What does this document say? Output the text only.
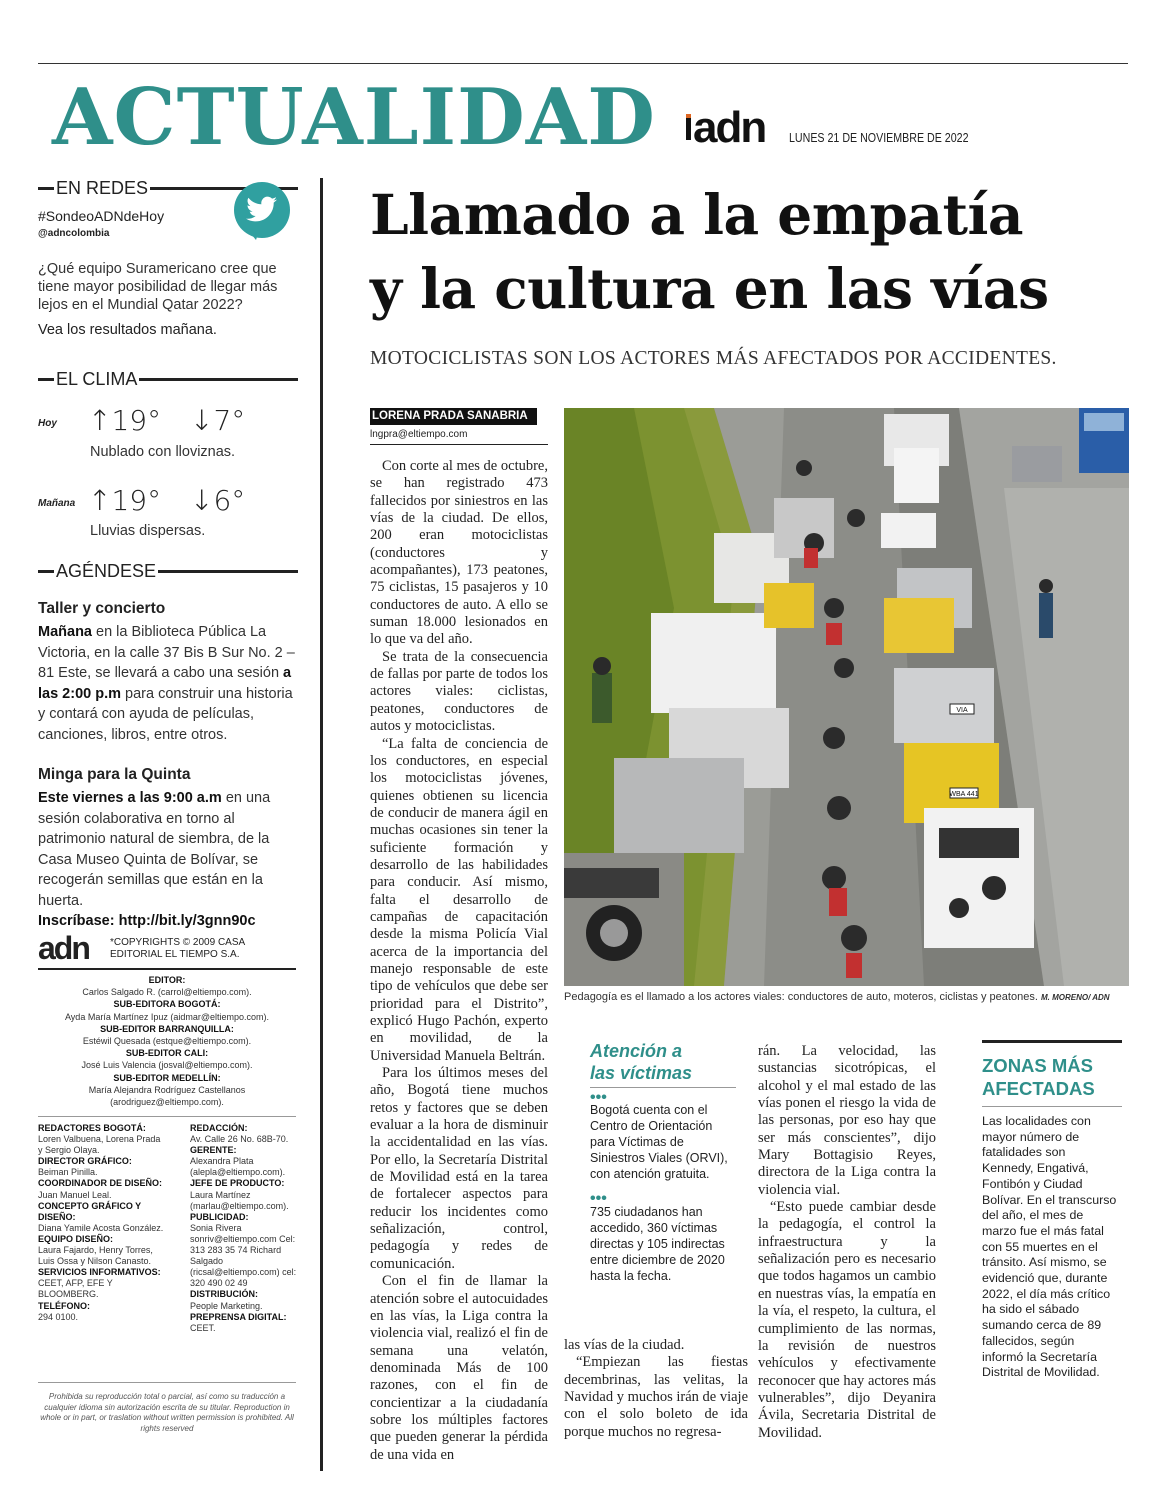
ACTUALIDAD adn LUNES 21 DE NOVIEMBRE DE 2022
EN REDES
#SondeoADNdeHoy
@adncolombia
¿Qué equipo Suramericano cree que tiene mayor posibilidad de llegar más lejos en el Mundial Qatar 2022?
Vea los resultados mañana.
EL CLIMA
Hoy ↑19° ↓7°
Nublado con lloviznas.
Mañana ↑19° ↓6°
Lluvias dispersas.
AGÉNDESE
Taller y concierto
Mañana en la Biblioteca Pública La Victoria, en la calle 37 Bis B Sur No. 2 – 81 Este, se llevará a cabo una sesión a las 2:00 p.m para construir una historia y contará con ayuda de películas, canciones, libros, entre otros.
Minga para la Quinta
Este viernes a las 9:00 a.m en una sesión colaborativa en torno al patrimonio natural de siembra, de la Casa Museo Quinta de Bolívar, se recogerán semillas que están en la huerta.
Inscríbase: http://bit.ly/3gnn90c
adn *COPYRIGHTS © 2009 CASA EDITORIAL EL TIEMPO S.A.
EDITOR:
Carlos Salgado R. (carrol@eltiempo.com).
SUB-EDITORA BOGOTÁ:
Ayda María Martínez Ipuz (aidmar@eltiempo.com).
SUB-EDITOR BARRANQUILLA:
Estéwil Quesada (estque@eltiempo.com).
SUB-EDITOR CALI:
José Luis Valencia (josval@eltiempo.com).
SUB-EDITOR MEDELLÍN:
María Alejandra Rodríguez Castellanos
(arodriguez@eltiempo.com).
REDACTORES BOGOTÁ:
Loren Valbuena, Lorena Prada y Sergio Olaya.
DIRECTOR GRÁFICO:
Beiman Pinilla.
COORDINADOR DE DISEÑO:
Juan Manuel Leal.
CONCEPTO GRÁFICO Y DISEÑO:
Diana Yamile Acosta González.
EQUIPO DISEÑO:
Laura Fajardo, Henry Torres, Luis Ossa y Nilson Canasto.
SERVICIOS INFORMATIVOS:
CEET, AFP, EFE Y BLOOMBERG.
TELÉFONO:
294 0100.
REDACCIÓN:
Av. Calle 26 No. 68B-70.
GERENTE:
Alexandra Plata (aleplа@eltiempo.com).
JEFE DE PRODUCTO:
Laura Martínez (marlau@eltiempo.com).
PUBLICIDAD:
Sonia Rivera sonriv@eltiempo.com Cel: 313 283 35 74 Richard Salgado (ricsal@eltiempo.com) cel: 320 490 02 49
DISTRIBUCIÓN:
People Marketing.
PREPRENSA DIGITAL:
CEET.
Prohibida su reproducción total o parcial, así como su traducción a cualquier idioma sin autorización escrita de su titular. Reproduction in whole or in part, or traslation without written permission is prohibited. All rights reserved
Llamado a la empatía
y la cultura en las vías
MOTOCICLISTAS SON LOS ACTORES MÁS AFECTADOS POR ACCIDENTES.
LORENA PRADA SANABRIA
lngpra@eltiempo.com

Con corte al mes de octubre, se han registrado 473 fallecidos por siniestros en las vías de la ciudad. De ellos, 200 eran motociclistas (conductores y acompañantes), 173 peatones, 75 ciclistas, 15 pasajeros y 10 conductores de auto. A ello se suman 18.000 lesionados en lo que va del año.

Se trata de la consecuencia de fallas por parte de todos los actores viales: ciclistas, peatones, conductores de autos y motociclistas.

“La falta de conciencia de los conductores, en especial los motociclistas jóvenes, quienes obtienen su licencia de conducir de manera ágil en muchas ocasiones sin tener la suficiente formación y desarrollo de las habilidades para conducir. Así mismo, falta el desarrollo de campañas de capacitación desde la misma Policía Vial acerca de la importancia del manejo responsable de este tipo de vehículos que debe ser prioridad para el Distrito”, explicó Hugo Pachón, experto en movilidad, de la Universidad Manuela Beltrán.

Para los últimos meses del año, Bogotá tiene muchos retos y factores que se deben evaluar a la hora de disminuir la accidentalidad en las vías. Por ello, la Secretaría Distrital de Movilidad está en la tarea de fortalecer aspectos para reducir los incidentes como señalización, control, pedagogía y redes de comunicación.

Con el fin de llamar la atención sobre el autocuidades en las vías, la Liga contra la violencia vial, realizó el fin de semana una velatón, denominada Más de 100 razones, con el fin de concientizar a la ciudadanía sobre los múltiples factores que pueden generar la pérdida de una vida en

VIA
WBA 441
Pedagogía es el llamado a los actores viales: conductores de auto, moteros, ciclistas y peatones. M. MORENO/ ADN
Atención a
las víctimas
•••
Bogotá cuenta con el Centro de Orientación para Víctimas de Siniestros Viales (ORVI), con atención gratuita.
•••
735 ciudadanos han accedido, 360 víctimas directas y 105 indirectas entre diciembre de 2020 hasta la fecha.
las vías de la ciudad.

“Empiezan las fiestas decembrinas, las velitas, la Navidad y muchos irán de viaje con el solo boleto de ida porque muchos no regresa-

rán. La velocidad, las sustancias sicotrópicas, el alcohol y el mal estado de las vías ponen el riesgo la vida de las personas, por eso hay que ser más conscientes”, dijo Mary Bottagisio Reyes, directora de la Liga contra la violencia vial.

“Esto puede cambiar desde la pedagogía, el control la infraestructura y la señalización pero es necesario que todos hagamos un cambio en nuestras vías, la empatía en la vía, el respeto, la cultura, el cumplimiento de las normas, la revisión de nuestros vehículos y efectivamente reconocer que hay actores más vulnerables”, dijo Deyanira Ávila, Secretaria Distrital de Movilidad.

ZONAS MÁS
AFECTADAS
Las localidades con mayor número de fatalidades son Kennedy, Engativá, Fontibón y Ciudad Bolívar. En el transcurso del año, el mes de marzo fue el más fatal con 55 muertes en el tránsito. Así mismo, se evidenció que, durante 2022, el día más crítico ha sido el sábado sumando cerca de 89 fallecidos, según informó la Secretaría Distrital de Movilidad.
